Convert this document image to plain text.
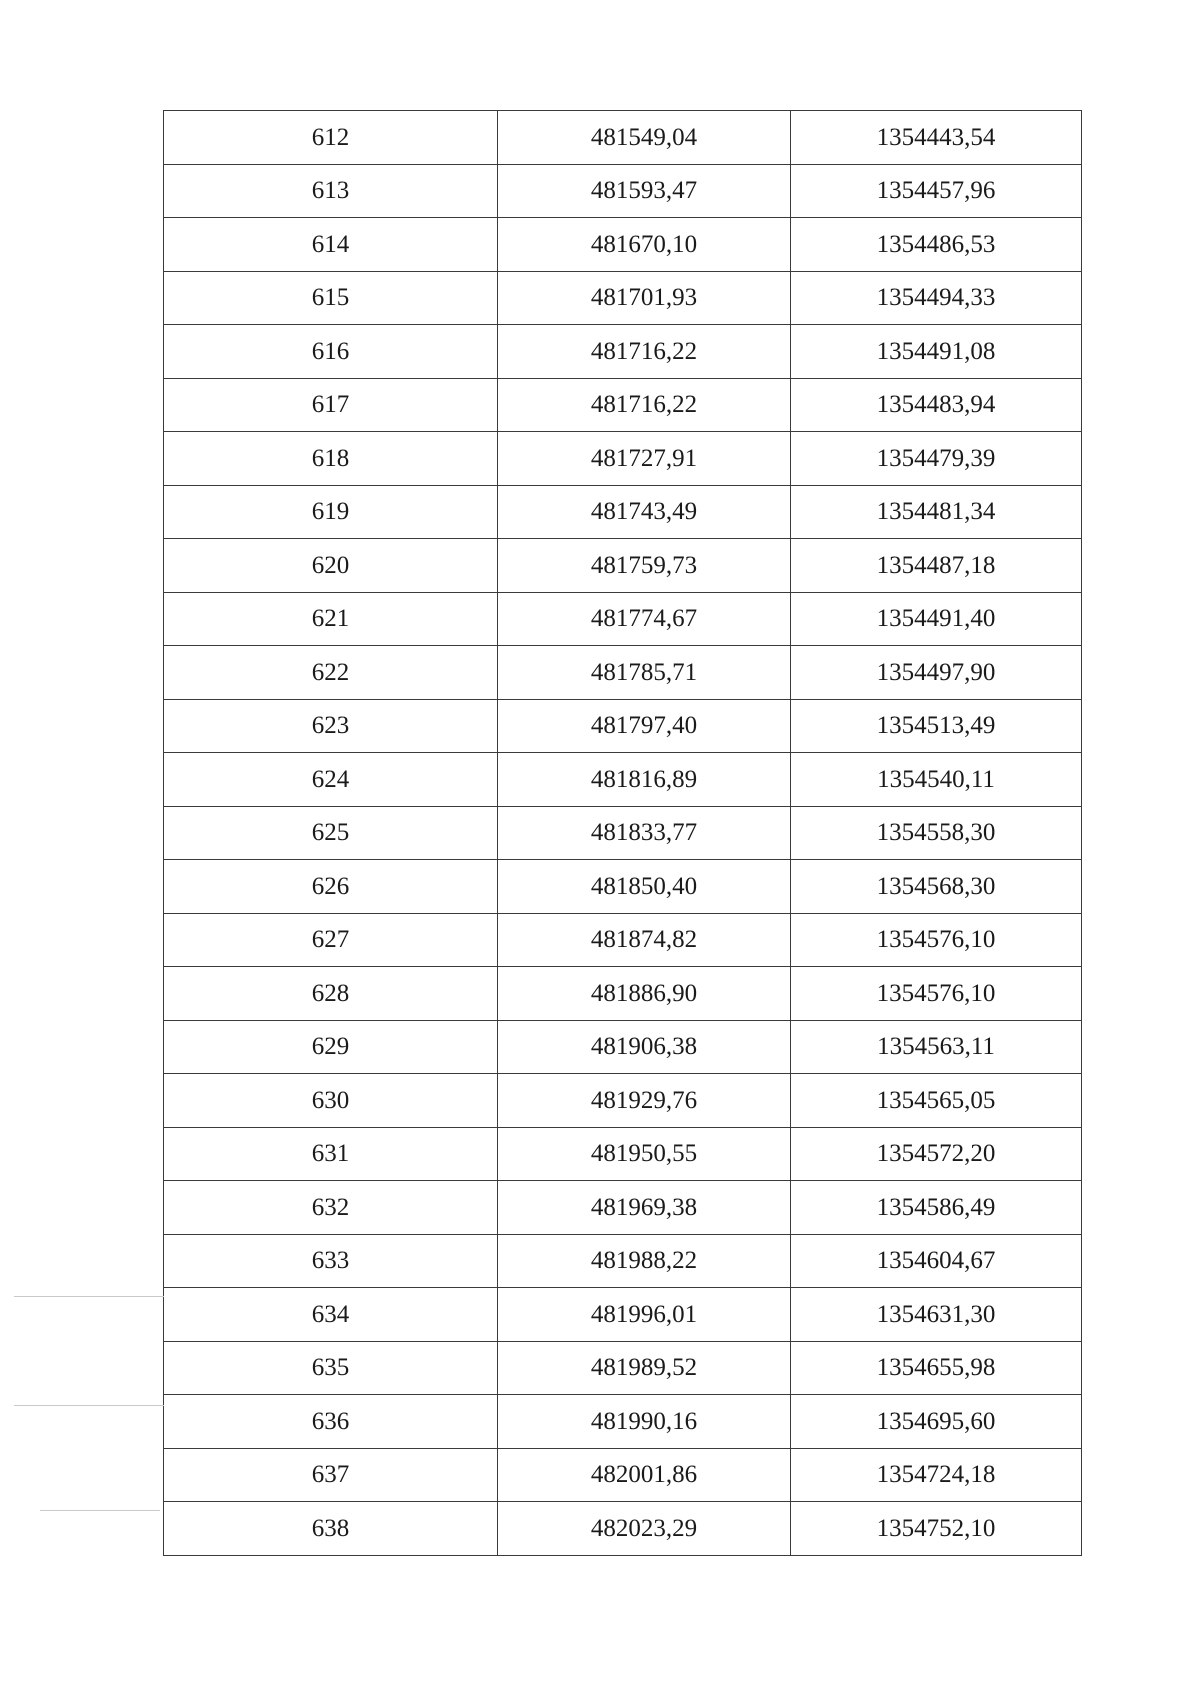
612	481549,04	1354443,54
613	481593,47	1354457,96
614	481670,10	1354486,53
615	481701,93	1354494,33
616	481716,22	1354491,08
617	481716,22	1354483,94
618	481727,91	1354479,39
619	481743,49	1354481,34
620	481759,73	1354487,18
621	481774,67	1354491,40
622	481785,71	1354497,90
623	481797,40	1354513,49
624	481816,89	1354540,11
625	481833,77	1354558,30
626	481850,40	1354568,30
627	481874,82	1354576,10
628	481886,90	1354576,10
629	481906,38	1354563,11
630	481929,76	1354565,05
631	481950,55	1354572,20
632	481969,38	1354586,49
633	481988,22	1354604,67
634	481996,01	1354631,30
635	481989,52	1354655,98
636	481990,16	1354695,60
637	482001,86	1354724,18
638	482023,29	1354752,10
